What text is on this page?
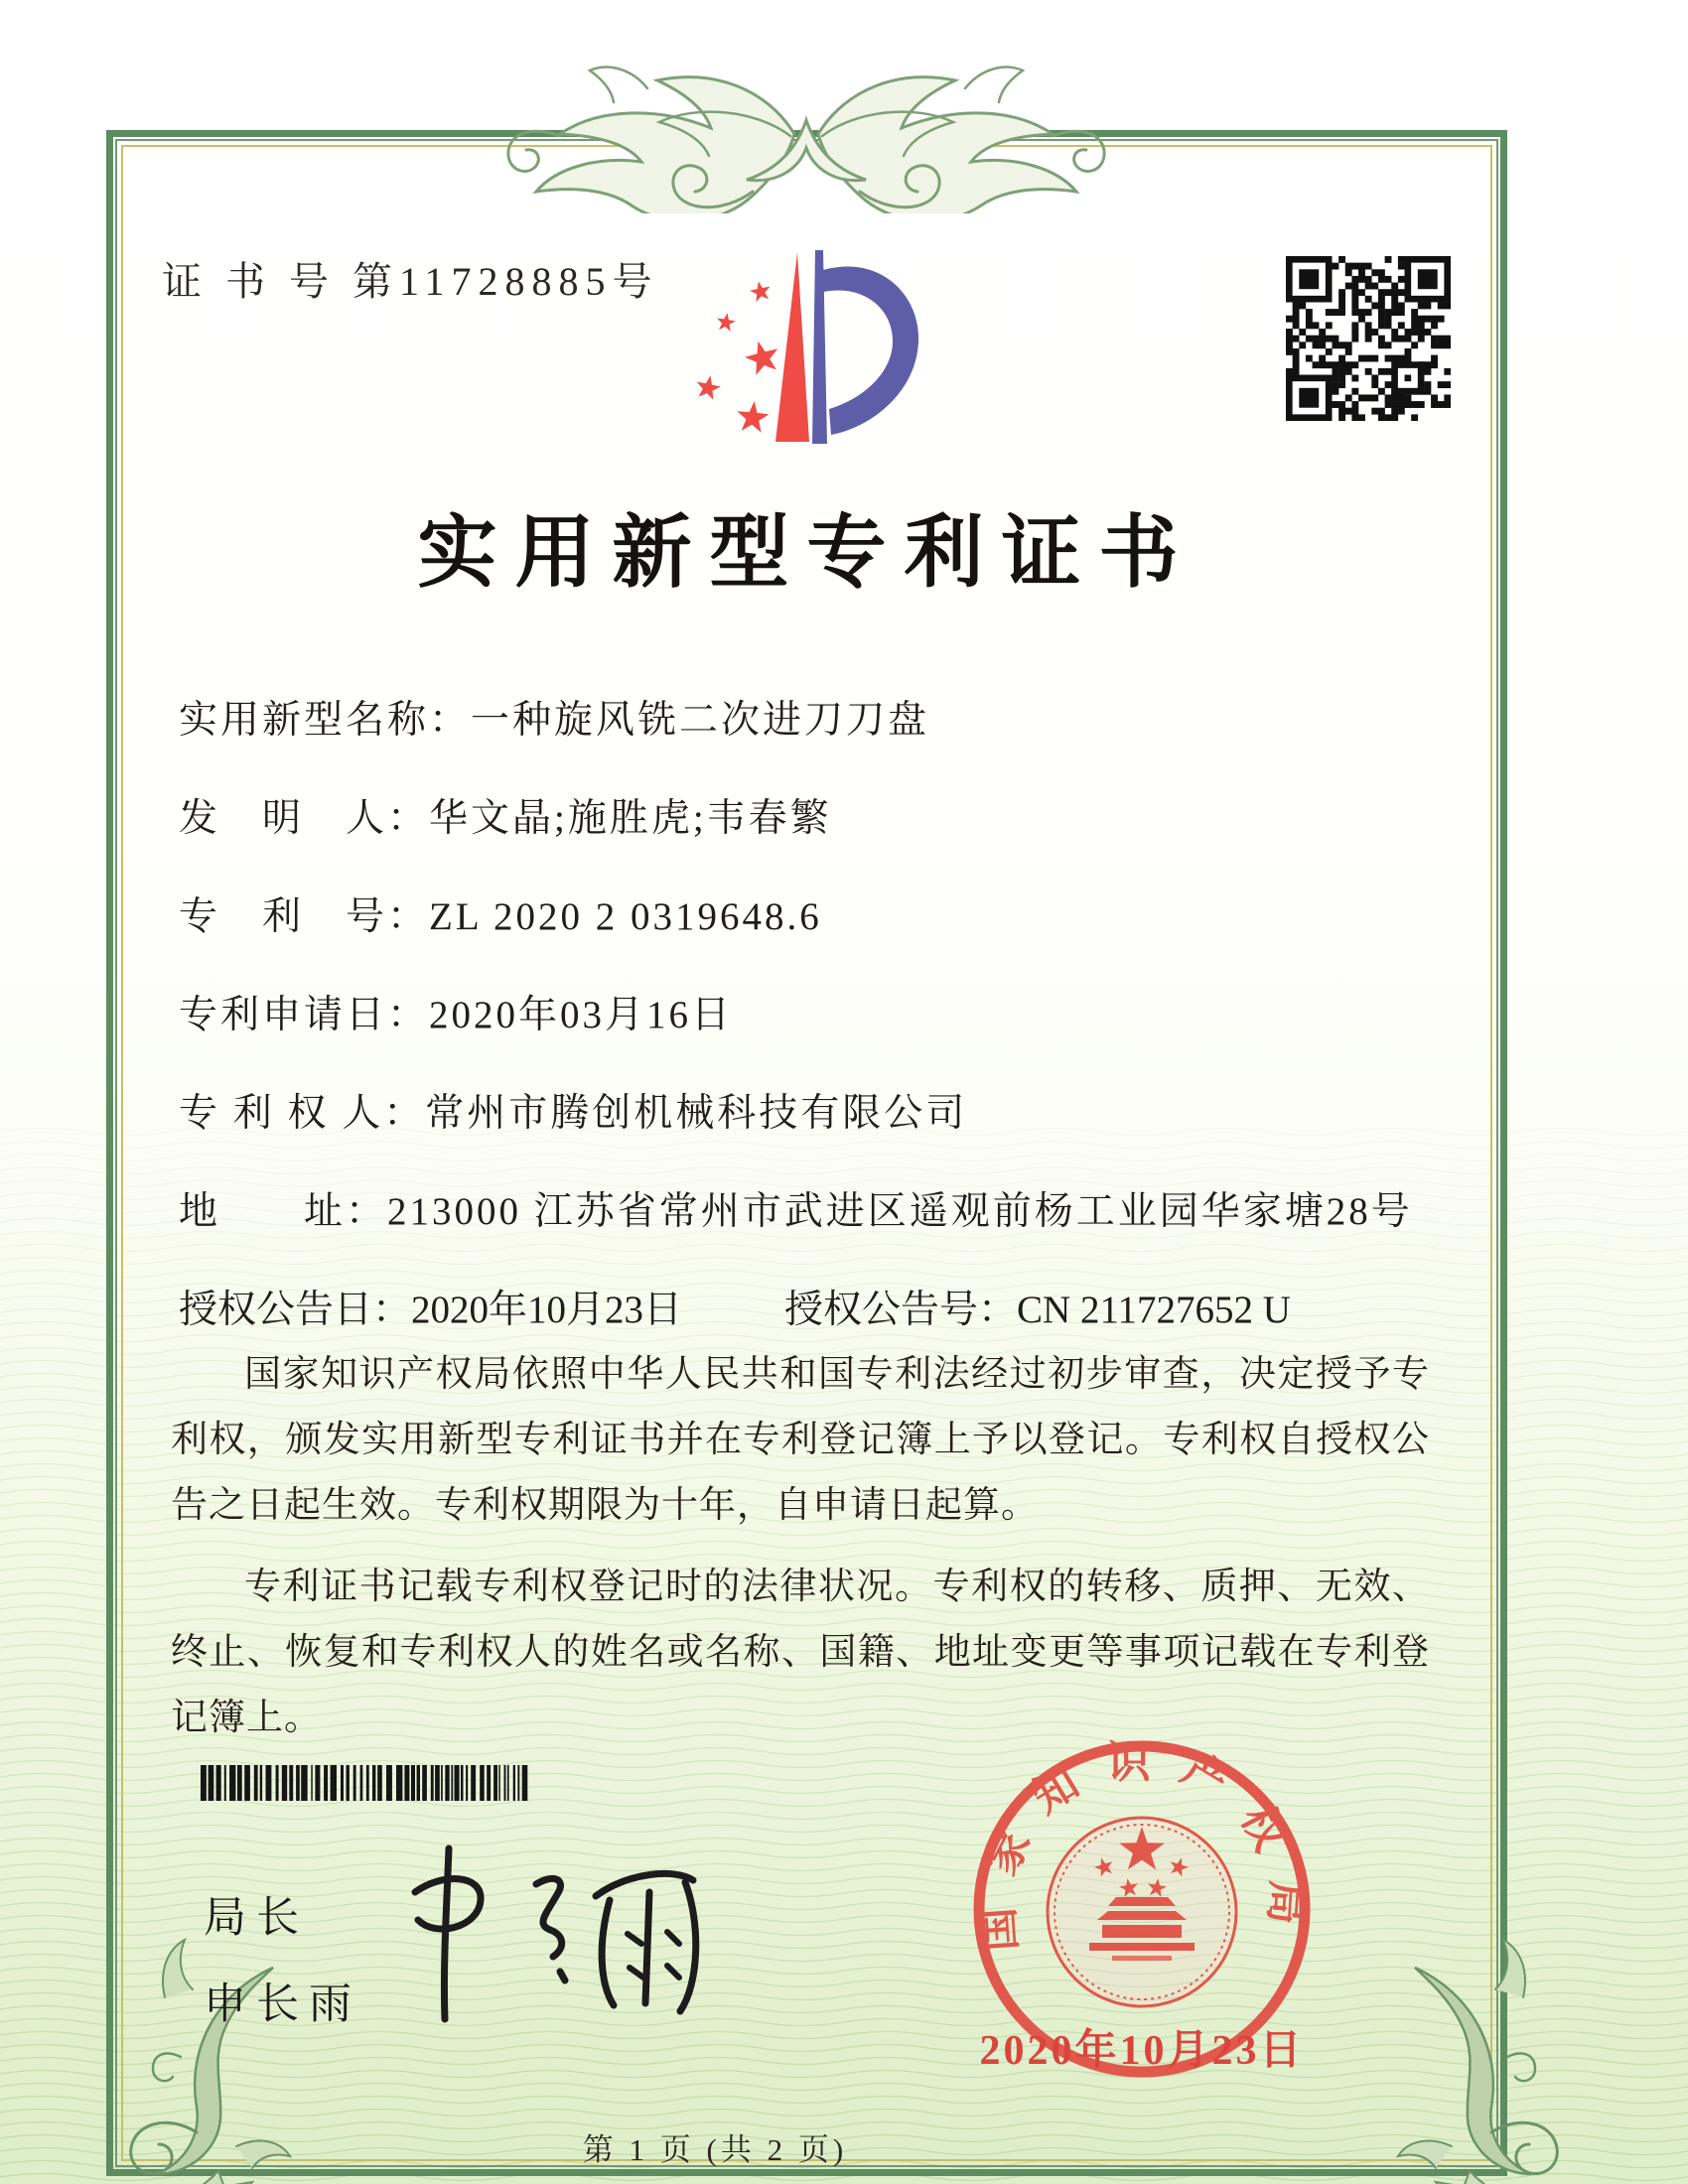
证 书 号 第11728885号
实用新型专利证书
实用新型名称：一种旋风铣二次进刀刀盘
发　明　人：华文晶;施胜虎;韦春繁
专　利　号：ZL 2020 2 0319648.6
专利申请日：2020年03月16日
专 利 权 人：常州市腾创机械科技有限公司
地　　址：213000 江苏省常州市武进区遥观前杨工业园华家塘28号
授权公告日：2020年10月23日	授权公告号：CN 211727652 U

国家知识产权局依照中华人民共和国专利法经过初步审查，决定授予专利权，颁发实用新型专利证书并在专利登记簿上予以登记。专利权自授权公告之日起生效。专利权期限为十年，自申请日起算。

专利证书记载专利权登记时的法律状况。专利权的转移、质押、无效、终止、恢复和专利权人的姓名或名称、国籍、地址变更等事项记载在专利登记簿上。

局长
申长雨
国家知识产权局
2020年10月23日
第 1 页 (共 2 页)
